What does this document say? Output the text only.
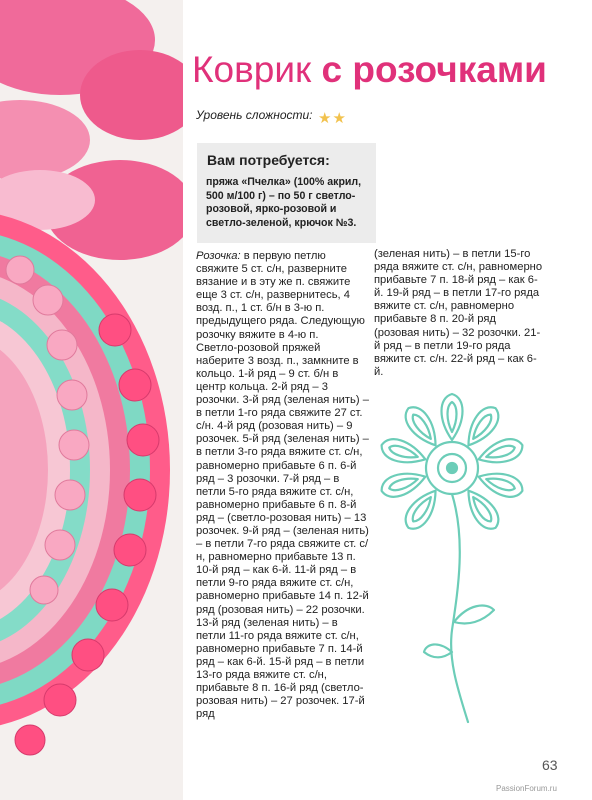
Коврик с розочками
Уровень сложности: ★★
Вам потребуется:
пряжа «Пчелка» (100% акрил, 500 м/100 г) – по 50 г светло-розовой, ярко-розовой и светло-зеленой, крючок №3.

Розочка: в первую петлю свяжите 5 ст. с/н, разверните вязание и в эту же п. свяжите еще 3 ст. с/н, развернитесь, 4 возд. п., 1 ст. б/н в 3-ю п. предыдущего ряда. Следующую розочку вяжите в 4-ю п.

Светло-розовой пряжей наберите 3 возд. п., замкните в кольцо. 1-й ряд – 9 ст. б/н в центр кольца. 2-й ряд – 3 розочки. 3-й ряд (зеленая нить) – в петли 1-го ряда свяжите 27 ст. с/н. 4-й ряд (розовая нить) – 9 розочек. 5-й ряд (зеленая нить) – в петли 3-го ряда вяжите ст. с/н, равномерно прибавьте 6 п. 6-й ряд – 3 розочки. 7-й ряд – в петли 5-го ряда вяжите ст. с/н, равномерно прибавьте 6 п. 8-й ряд – (светло-розовая нить) – 13 розочек. 9-й ряд – (зеленая нить) – в петли 7-го ряда свяжите ст. с/н, равномерно прибавьте 13 п. 10-й ряд – как 6-й. 11-й ряд – в петли 9-го ряда вяжите ст. с/н, равномерно прибавьте 14 п. 12-й ряд (розовая нить) – 22 розочки. 13-й ряд (зеленая нить) – в петли 11-го ряда вяжите ст. с/н, равномерно прибавьте 7 п. 14-й ряд – как 6-й. 15-й ряд – в петли 13-го ряда вяжите ст. с/н, прибавьте 8 п. 16-й ряд (светло-розовая нить) – 27 розочек. 17-й ряд

(зеленая нить) – в петли 15-го ряда вяжите ст. с/н, равномерно прибавьте 7 п. 18-й ряд – как 6-й. 19-й ряд – в петли 17-го ряда вяжите ст. с/н, равномерно прибавьте 8 п. 20-й ряд (розовая нить) – 32 розочки. 21-й ряд – в петли 19-го ряда вяжите ст. с/н. 22-й ряд – как 6-й.

63
PassionForum.ru
